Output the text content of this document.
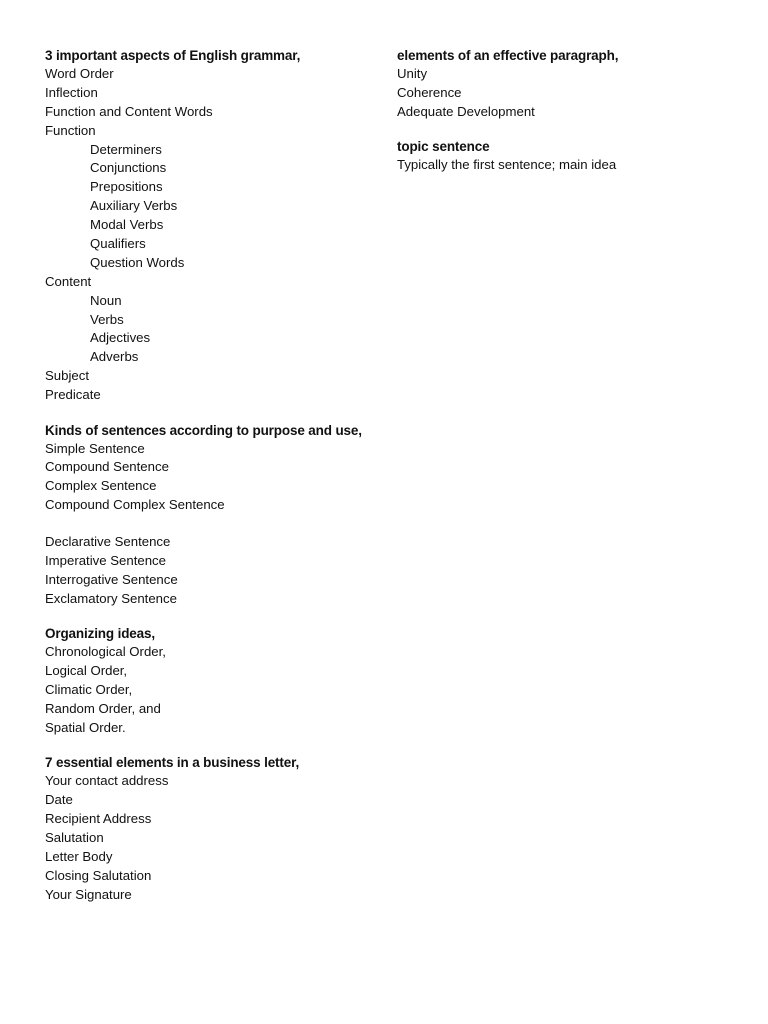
3 important aspects of English grammar,
Word Order
Inflection
Function and Content Words
Function
Determiners
Conjunctions
Prepositions
Auxiliary Verbs
Modal Verbs
Qualifiers
Question Words
Content
Noun
Verbs
Adjectives
Adverbs
Subject
Predicate
Kinds of sentences according to purpose and use,
Simple Sentence
Compound Sentence
Complex Sentence
Compound Complex Sentence
Declarative Sentence
Imperative Sentence
Interrogative Sentence
Exclamatory Sentence
Organizing ideas,
Chronological Order,
Logical Order,
Climatic Order,
Random Order, and
Spatial Order.
7 essential elements in a business letter,
Your contact address
Date
Recipient Address
Salutation
Letter Body
Closing Salutation
Your Signature
elements of an effective paragraph,
Unity
Coherence
Adequate Development
topic sentence
Typically the first sentence; main idea
